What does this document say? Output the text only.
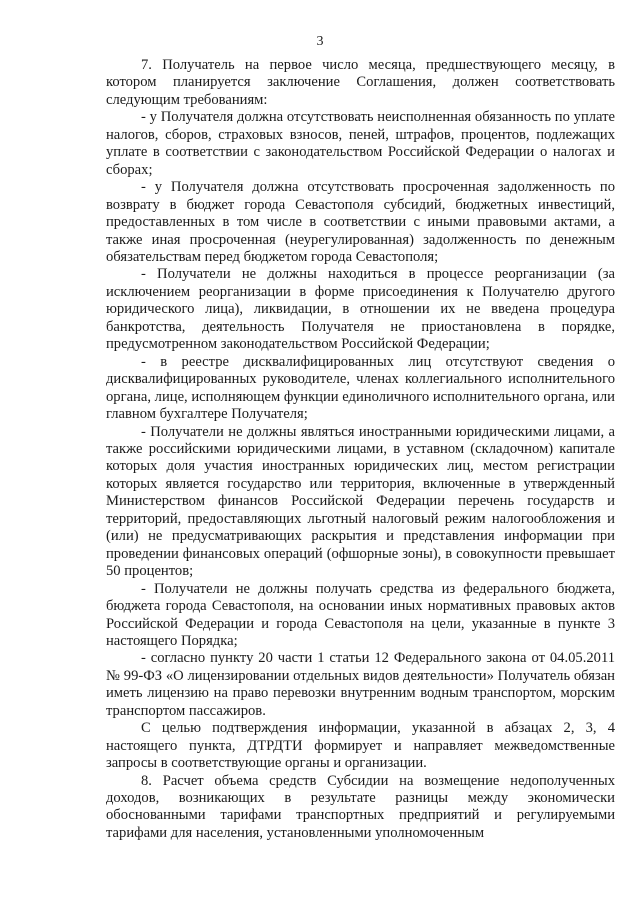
3

7. Получатель на первое число месяца, предшествующего месяцу, в котором планируется заключение Соглашения, должен соответствовать следующим требованиям:

- у Получателя должна отсутствовать неисполненная обязанность по уплате налогов, сборов, страховых взносов, пеней, штрафов, процентов, подлежащих уплате в соответствии с законодательством Российской Федерации о налогах и сборах;

- у Получателя должна отсутствовать просроченная задолженность по возврату в бюджет города Севастополя субсидий, бюджетных инвестиций, предоставленных в том числе в соответствии с иными правовыми актами, а также иная просроченная (неурегулированная) задолженность по денежным обязательствам перед бюджетом города Севастополя;

- Получатели не должны находиться в процессе реорганизации (за исключением реорганизации в форме присоединения к Получателю другого юридического лица), ликвидации, в отношении их не введена процедура банкротства, деятельность Получателя не приостановлена в порядке, предусмотренном законодательством Российской Федерации;

- в реестре дисквалифицированных лиц отсутствуют сведения о дисквалифицированных руководителе, членах коллегиального исполнительного органа, лице, исполняющем функции единоличного исполнительного органа, или главном бухгалтере Получателя;

- Получатели не должны являться иностранными юридическими лицами, а также российскими юридическими лицами, в уставном (складочном) капитале которых доля участия иностранных юридических лиц, местом регистрации которых является государство или территория, включенные в утвержденный Министерством финансов Российской Федерации перечень государств и территорий, предоставляющих льготный налоговый режим налогообложения и (или) не предусматривающих раскрытия и представления информации при проведении финансовых операций (офшорные зоны), в совокупности превышает 50 процентов;

- Получатели не должны получать средства из федерального бюджета, бюджета города Севастополя, на основании иных нормативных правовых актов Российской Федерации и города Севастополя на цели, указанные в пункте 3 настоящего Порядка;

- согласно пункту 20 части 1 статьи 12 Федерального закона от 04.05.2011 № 99-ФЗ «О лицензировании отдельных видов деятельности» Получатель обязан иметь лицензию на право перевозки внутренним водным транспортом, морским транспортом пассажиров.

С целью подтверждения информации, указанной в абзацах 2, 3, 4 настоящего пункта, ДТРДТИ формирует и направляет межведомственные запросы в соответствующие органы и организации.

8. Расчет объема средств Субсидии на возмещение недополученных доходов, возникающих в результате разницы между экономически обоснованными тарифами транспортных предприятий и регулируемыми тарифами для населения, установленными уполномоченным
